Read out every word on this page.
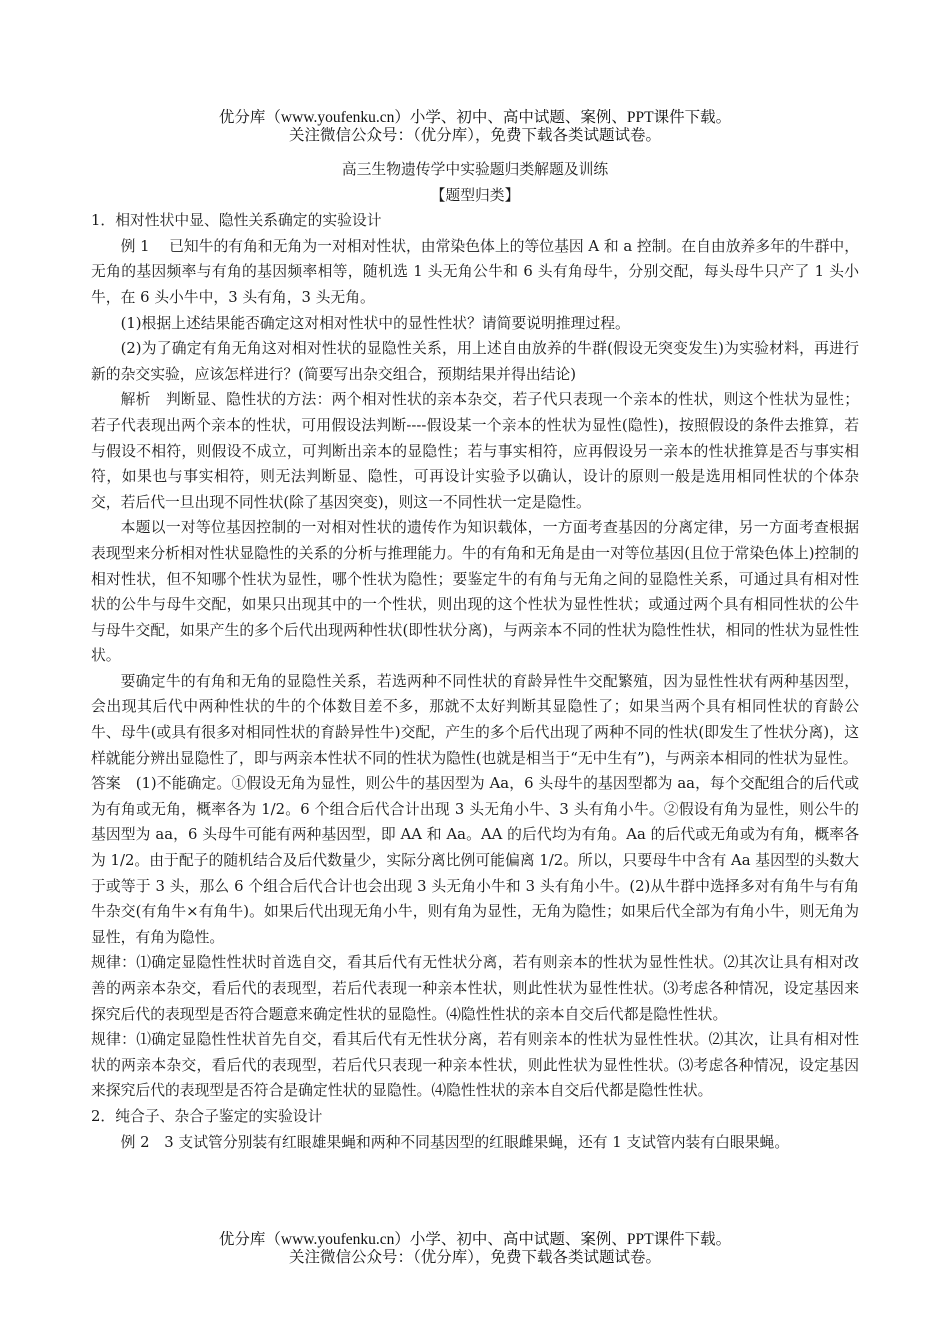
优分库（www.youfenku.cn）小学、初中、高中试题、案例、PPT课件下载。
关注微信公众号：（优分库），免费下载各类试题试卷。

高三生物遗传学中实验题归类解题及训练

【题型归类】

1．相对性状中显、隐性关系确定的实验设计

例 1　 已知牛的有角和无角为一对相对性状，由常染色体上的等位基因 A 和 a 控制。在自由放养多年的牛群中，无角的基因频率与有角的基因频率相等，随机选 1 头无角公牛和 6 头有角母牛，分别交配，每头母牛只产了 1 头小牛，在 6 头小牛中，3 头有角，3 头无角。

(1)根据上述结果能否确定这对相对性状中的显性性状？请简要说明推理过程。

(2)为了确定有角无角这对相对性状的显隐性关系，用上述自由放养的牛群(假设无突变发生)为实验材料，再进行新的杂交实验，应该怎样进行？(简要写出杂交组合，预期结果并得出结论)

解析　判断显、隐性状的方法：两个相对性状的亲本杂交，若子代只表现一个亲本的性状，则这个性状为显性；若子代表现出两个亲本的性状，可用假设法判断----假设某一个亲本的性状为显性(隐性)，按照假设的条件去推算，若与假设不相符，则假设不成立，可判断出亲本的显隐性；若与事实相符，应再假设另一亲本的性状推算是否与事实相符，如果也与事实相符，则无法判断显、隐性，可再设计实验予以确认，设计的原则一般是选用相同性状的个体杂交，若后代一旦出现不同性状(除了基因突变)，则这一不同性状一定是隐性。

本题以一对等位基因控制的一对相对性状的遗传作为知识载体，一方面考查基因的分离定律，另一方面考查根据表现型来分析相对性状显隐性的关系的分析与推理能力。牛的有角和无角是由一对等位基因(且位于常染色体上)控制的相对性状，但不知哪个性状为显性，哪个性状为隐性；要鉴定牛的有角与无角之间的显隐性关系，可通过具有相对性状的公牛与母牛交配，如果只出现其中的一个性状，则出现的这个性状为显性性状；或通过两个具有相同性状的公牛与母牛交配，如果产生的多个后代出现两种性状(即性状分离)，与两亲本不同的性状为隐性性状，相同的性状为显性性状。

要确定牛的有角和无角的显隐性关系，若选两种不同性状的育龄异性牛交配繁殖，因为显性性状有两种基因型，会出现其后代中两种性状的牛的个体数目差不多，那就不太好判断其显隐性了；如果当两个具有相同性状的育龄公牛、母牛(或具有很多对相同性状的育龄异性牛)交配，产生的多个后代出现了两种不同的性状(即发生了性状分离)，这样就能分辨出显隐性了，即与两亲本性状不同的性状为隐性(也就是相当于“无中生有”)，与两亲本相同的性状为显性。

答案　(1)不能确定。①假设无角为显性，则公牛的基因型为 Aa，6 头母牛的基因型都为 aa，每个交配组合的后代或为有角或无角，概率各为 1/2。6 个组合后代合计出现 3 头无角小牛、3 头有角小牛。②假设有角为显性，则公牛的基因型为 aa，6 头母牛可能有两种基因型，即 AA 和 Aa。AA 的后代均为有角。Aa 的后代或无角或为有角，概率各为 1/2。由于配子的随机结合及后代数量少，实际分离比例可能偏离 1/2。所以，只要母牛中含有 Aa 基因型的头数大于或等于 3 头，那么 6 个组合后代合计也会出现 3 头无角小牛和 3 头有角小牛。(2)从牛群中选择多对有角牛与有角牛杂交(有角牛×有角牛)。如果后代出现无角小牛，则有角为显性，无角为隐性；如果后代全部为有角小牛，则无角为显性，有角为隐性。

规律：⑴确定显隐性性状时首选自交，看其后代有无性状分离，若有则亲本的性状为显性性状。⑵其次让具有相对改善的两亲本杂交，看后代的表现型，若后代表现一种亲本性状，则此性状为显性性状。⑶考虑各种情况，设定基因来探究后代的表现型是否符合题意来确定性状的显隐性。⑷隐性性状的亲本自交后代都是隐性性状。

规律：⑴确定显隐性性状首先自交，看其后代有无性状分离，若有则亲本的性状为显性性状。⑵其次，让具有相对性状的两亲本杂交，看后代的表现型，若后代只表现一种亲本性状，则此性状为显性性状。⑶考虑各种情况，设定基因来探究后代的表现型是否符合是确定性状的显隐性。⑷隐性性状的亲本自交后代都是隐性性状。

2．纯合子、杂合子鉴定的实验设计

例 2　3 支试管分别装有红眼雄果蝇和两种不同基因型的红眼雌果蝇，还有 1 支试管内装有白眼果蝇。

优分库（www.youfenku.cn）小学、初中、高中试题、案例、PPT课件下载。
关注微信公众号：（优分库），免费下载各类试题试卷。
